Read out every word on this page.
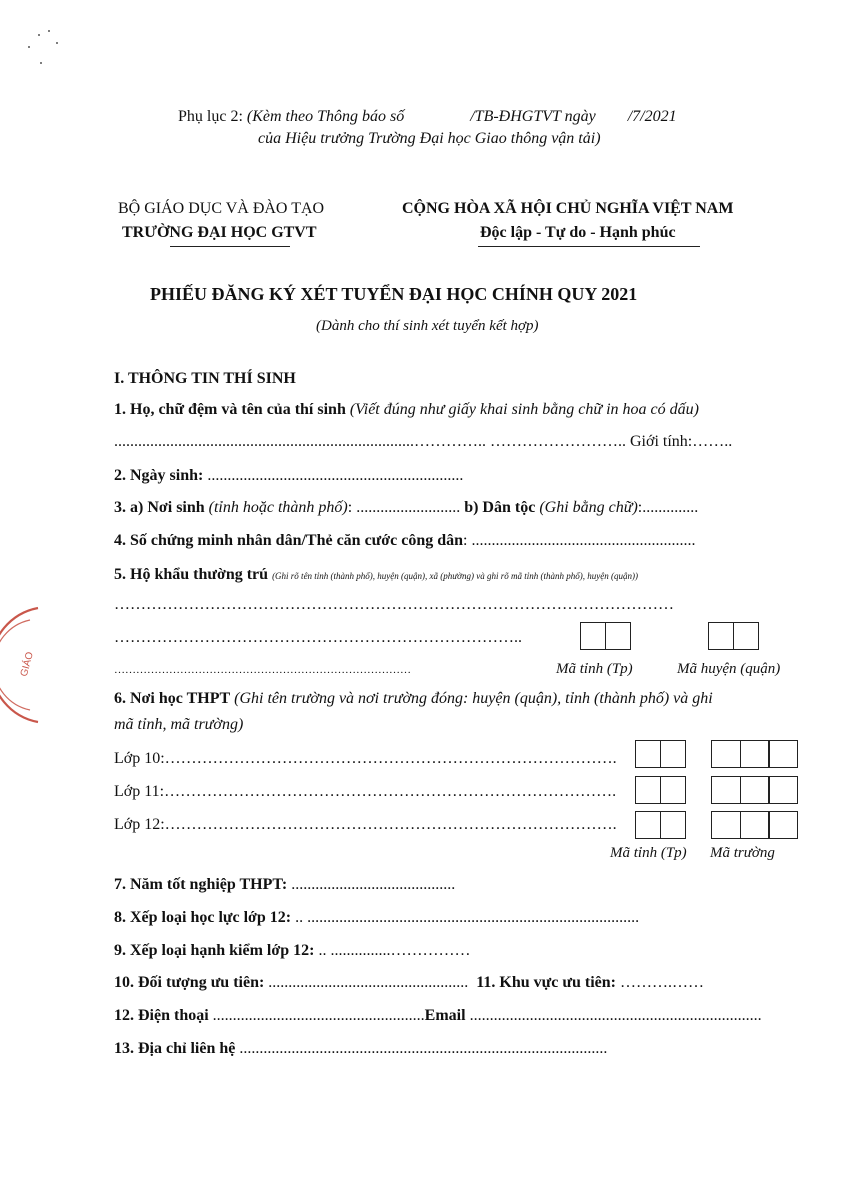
Phụ lục 2: (Kèm theo Thông báo số	/TB-ĐHGTVT ngày /7/2021
của Hiệu trưởng Trường Đại học Giao thông vận tải)
BỘ GIÁO DỤC VÀ ĐÀO TẠO
TRƯỜNG ĐẠI HỌC GTVT
CỘNG HÒA XÃ HỘI CHỦ NGHĨA VIỆT NAM
Độc lập - Tự do - Hạnh phúc
PHIẾU ĐĂNG KÝ XÉT TUYỂN ĐẠI HỌC CHÍNH QUY 2021
(Dành cho thí sinh xét tuyển kết hợp)
I. THÔNG TIN THÍ SINH
1. Họ, chữ đệm và tên của thí sinh (Viết đúng như giấy khai sinh bằng chữ in hoa có dấu)
...........................................................................………….. …………………….. Giới tính:……..
2. Ngày sinh: ................................................................
3. a) Nơi sinh (tỉnh hoặc thành phố): .......................... b) Dân tộc (Ghi bằng chữ):..............
4. Số chứng minh nhân dân/Thẻ căn cước công dân: ........................................................
5. Hộ khẩu thường trú (Ghi rõ tên tỉnh (thành phố), huyện (quận), xã (phường) và ghi rõ mã tỉnh (thành phố), huyện (quận))
……………………………………………………………………………………………
…………………………………………………………………..
………………………………………………………………………	Mã tỉnh (Tp)	Mã huyện (quận)
6. Nơi học THPT (Ghi tên trường và nơi trường đóng: huyện (quận), tỉnh (thành phố) và ghi
mã tỉnh, mã trường)
Lớp 10:………………………………………………………………………….
Lớp 11:………………………………………………………………………….
Lớp 12:………………………………………………………………………….
Mã tỉnh (Tp) Mã trường
7. Năm tốt nghiệp THPT: .........................................
8. Xếp loại học lực lớp 12: .. ...................................................................................
9. Xếp loại hạnh kiểm lớp 12: .. ...............……………
10. Đối tượng ưu tiên: .................................................. 11. Khu vực ưu tiên: ……….……
12. Điện thoại .....................................................Email .........................................................................
13. Địa chỉ liên hệ ............................................................................................
GIÁO
